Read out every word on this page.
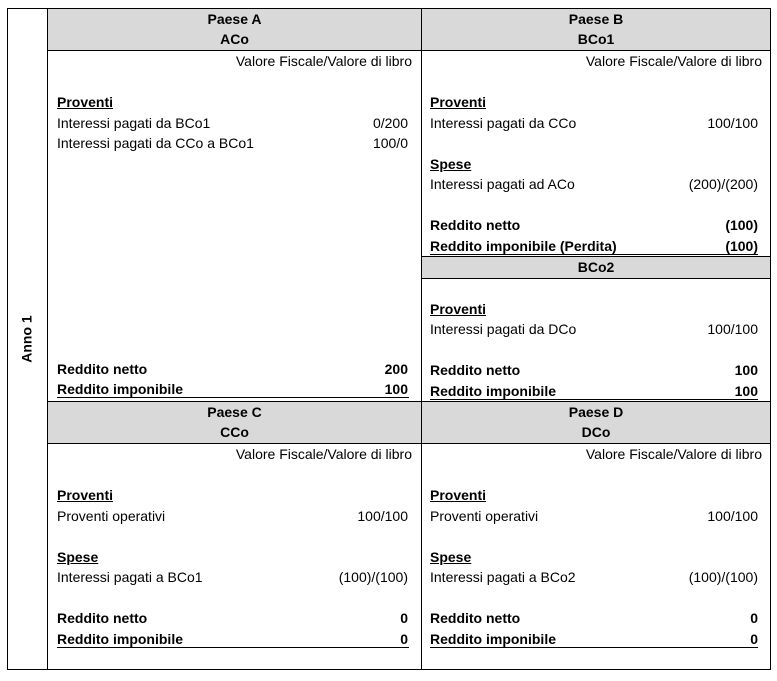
Anno 1
Paese A
ACo
Valore Fiscale/Valore di libro
Proventi
Interessi pagati da BCo1	0/200
Interessi pagati da CCo a BCo1	100/0
Reddito netto	200
Reddito imponibile	100
Paese B
BCo1
Valore Fiscale/Valore di libro
Proventi
Interessi pagati da CCo	100/100
Spese
Interessi pagati ad ACo	(200)/(200)
Reddito netto	(100)
Reddito imponibile (Perdita)	(100)
BCo2
Proventi
Interessi pagati da DCo	100/100
Reddito netto	100
Reddito imponibile	100
Paese C
CCo
Valore Fiscale/Valore di libro
Proventi
Proventi operativi	100/100
Spese
Interessi pagati a BCo1	(100)/(100)
Reddito netto	0
Reddito imponibile	0
Paese D
DCo
Valore Fiscale/Valore di libro
Proventi
Proventi operativi	100/100
Spese
Interessi pagati a BCo2	(100)/(100)
Reddito netto	0
Reddito imponibile	0
